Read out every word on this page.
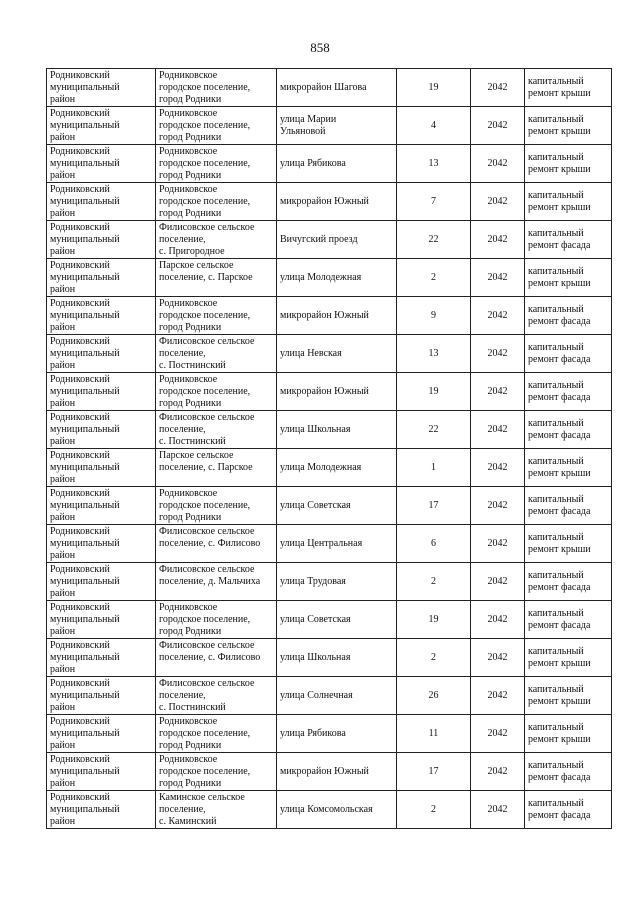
858
Родниковский
муниципальный
район	Родниковское
городское поселение,
город Родники	микрорайон Шагова	19	2042	капитальный
ремонт крыши

Родниковский
муниципальный
район	Родниковское
городское поселение,
город Родники	улица Марии
Ульяновой	4	2042	капитальный
ремонт крыши

Родниковский
муниципальный
район	Родниковское
городское поселение,
город Родники	улица Рябикова	13	2042	капитальный
ремонт крыши

Родниковский
муниципальный
район	Родниковское
городское поселение,
город Родники	микрорайон Южный	7	2042	капитальный
ремонт крыши

Родниковский
муниципальный
район	Филисовское сельское
поселение,
с. Пригородное	Вичугский проезд	22	2042	капитальный
ремонт фасада

Родниковский
муниципальный
район	Парское сельское
поселение, с. Парское	улица Молодежная	2	2042	капитальный
ремонт крыши

Родниковский
муниципальный
район	Родниковское
городское поселение,
город Родники	микрорайон Южный	9	2042	капитальный
ремонт фасада

Родниковский
муниципальный
район	Филисовское сельское
поселение,
с. Постнинский	улица Невская	13	2042	капитальный
ремонт фасада

Родниковский
муниципальный
район	Родниковское
городское поселение,
город Родники	микрорайон Южный	19	2042	капитальный
ремонт фасада

Родниковский
муниципальный
район	Филисовское сельское
поселение,
с. Постнинский	улица Школьная	22	2042	капитальный
ремонт фасада

Родниковский
муниципальный
район	Парское сельское
поселение, с. Парское	улица Молодежная	1	2042	капитальный
ремонт крыши

Родниковский
муниципальный
район	Родниковское
городское поселение,
город Родники	улица Советская	17	2042	капитальный
ремонт фасада

Родниковский
муниципальный
район	Филисовское сельское
поселение, с. Филисово	улица Центральная	6	2042	капитальный
ремонт крыши

Родниковский
муниципальный
район	Филисовское сельское
поселение, д. Мальчиха	улица Трудовая	2	2042	капитальный
ремонт фасада

Родниковский
муниципальный
район	Родниковское
городское поселение,
город Родники	улица Советская	19	2042	капитальный
ремонт фасада

Родниковский
муниципальный
район	Филисовское сельское
поселение, с. Филисово	улица Школьная	2	2042	капитальный
ремонт крыши

Родниковский
муниципальный
район	Филисовское сельское
поселение,
с. Постнинский	улица Солнечная	26	2042	капитальный
ремонт крыши

Родниковский
муниципальный
район	Родниковское
городское поселение,
город Родники	улица Рябикова	11	2042	капитальный
ремонт крыши

Родниковский
муниципальный
район	Родниковское
городское поселение,
город Родники	микрорайон Южный	17	2042	капитальный
ремонт фасада

Родниковский
муниципальный
район	Каминское сельское
поселение,
с. Каминский	улица Комсомольская	2	2042	капитальный
ремонт фасада
